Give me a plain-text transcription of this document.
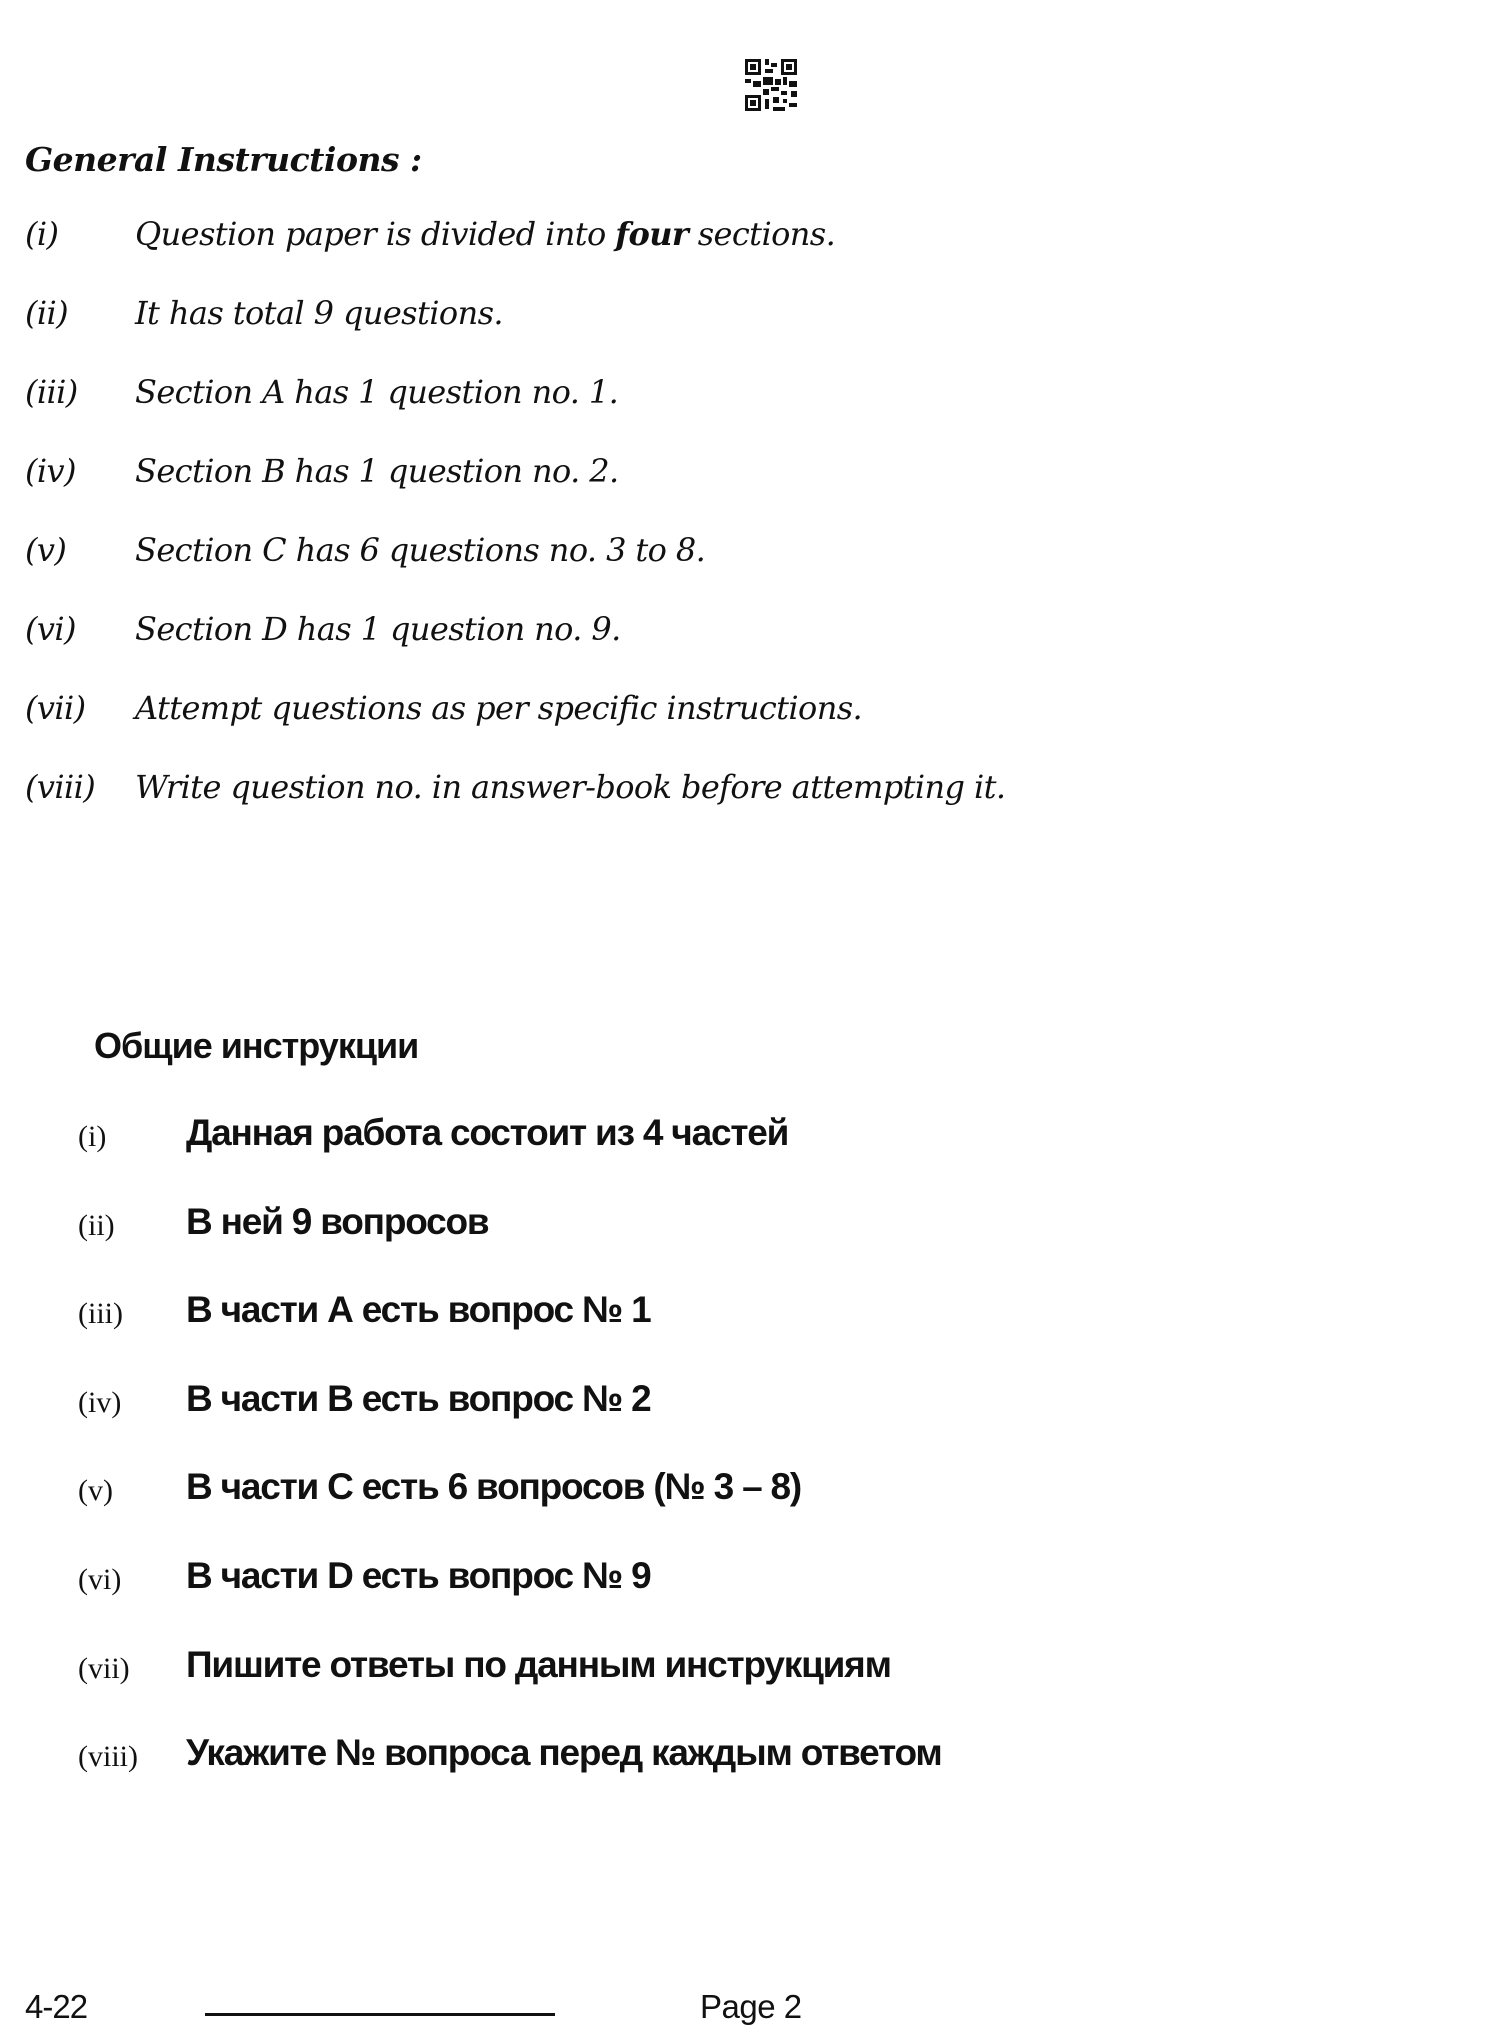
General Instructions :
(i) Question paper is divided into four sections.
(ii) It has total 9 questions.
(iii) Section A has 1 question no. 1.
(iv) Section B has 1 question no. 2.
(v) Section C has 6 questions no. 3 to 8.
(vi) Section D has 1 question no. 9.
(vii) Attempt questions as per specific instructions.
(viii) Write question no. in answer-book before attempting it.
Общие инструкции
(i) Данная работа состоит из 4 частей
(ii) В ней 9 вопросов
(iii) В части А есть вопрос № 1
(iv) В части В есть вопрос № 2
(v) В части С есть 6 вопросов (№ 3 – 8)
(vi) В части D есть вопрос № 9
(vii) Пишите ответы по данным инструкциям
(viii) Укажите № вопроса перед каждым ответом
4-22	Page 2
